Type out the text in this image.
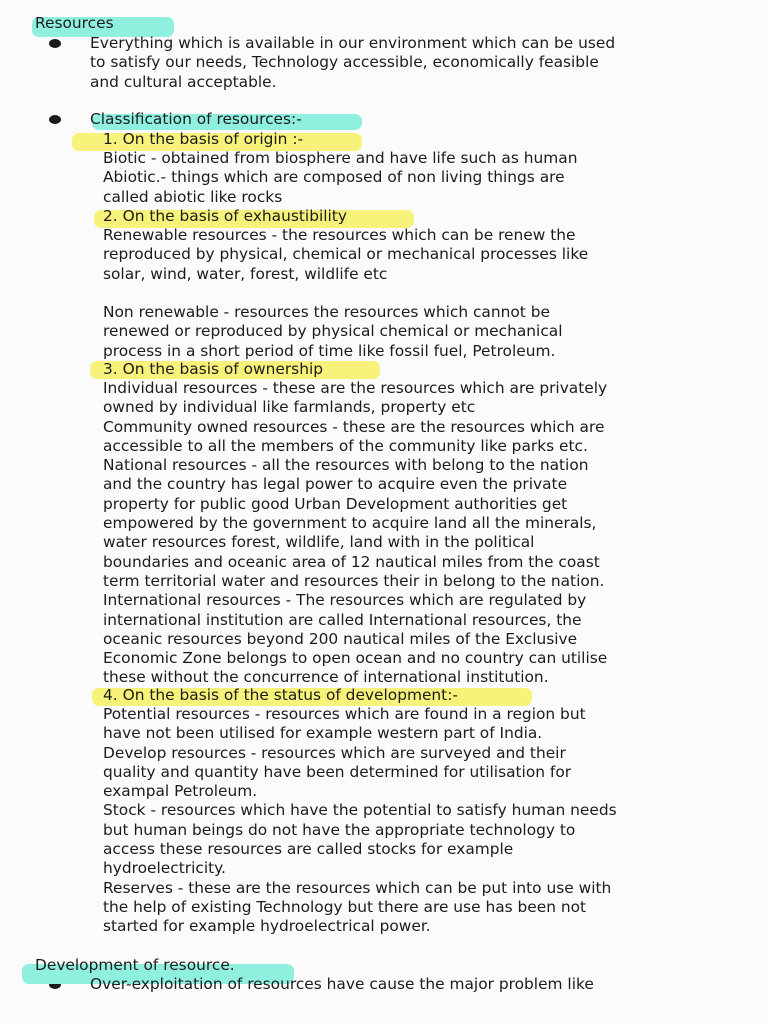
Resources
Everything which is available in our environment which can be used
to satisfy our needs, Technology accessible, economically feasible
and cultural acceptable.
Classification of resources:-
1. On the basis of origin :-
Biotic - obtained from biosphere and have life such as human
Abiotic.- things which are composed of non living things are
called abiotic like rocks
2. On the basis of exhaustibility
Renewable resources - the resources which can be renew the
reproduced by physical, chemical or mechanical processes like
solar, wind, water, forest, wildlife etc
Non renewable - resources the resources which cannot be
renewed or reproduced by physical chemical or mechanical
process in a short period of time like fossil fuel, Petroleum.
3. On the basis of ownership
Individual resources - these are the resources which are privately
owned by individual like farmlands, property etc
Community owned resources - these are the resources which are
accessible to all the members of the community like parks etc.
National resources - all the resources with belong to the nation
and the country has legal power to acquire even the private
property for public good Urban Development authorities get
empowered by the government to acquire land all the minerals,
water resources forest, wildlife, land with in the political
boundaries and oceanic area of 12 nautical miles from the coast
term territorial water and resources their in belong to the nation.
International resources - The resources which are regulated by
international institution are called International resources, the
oceanic resources beyond 200 nautical miles of the Exclusive
Economic Zone belongs to open ocean and no country can utilise
these without the concurrence of international institution.
4. On the basis of the status of development:-
Potential resources - resources which are found in a region but
have not been utilised for example western part of India.
Develop resources - resources which are surveyed and their
quality and quantity have been determined for utilisation for
exampal Petroleum.
Stock - resources which have the potential to satisfy human needs
but human beings do not have the appropriate technology to
access these resources are called stocks for example
hydroelectricity.
Reserves - these are the resources which can be put into use with
the help of existing Technology but there are use has been not
started for example hydroelectrical power.
Development of resource.
Over-exploitation of resources have cause the major problem like
